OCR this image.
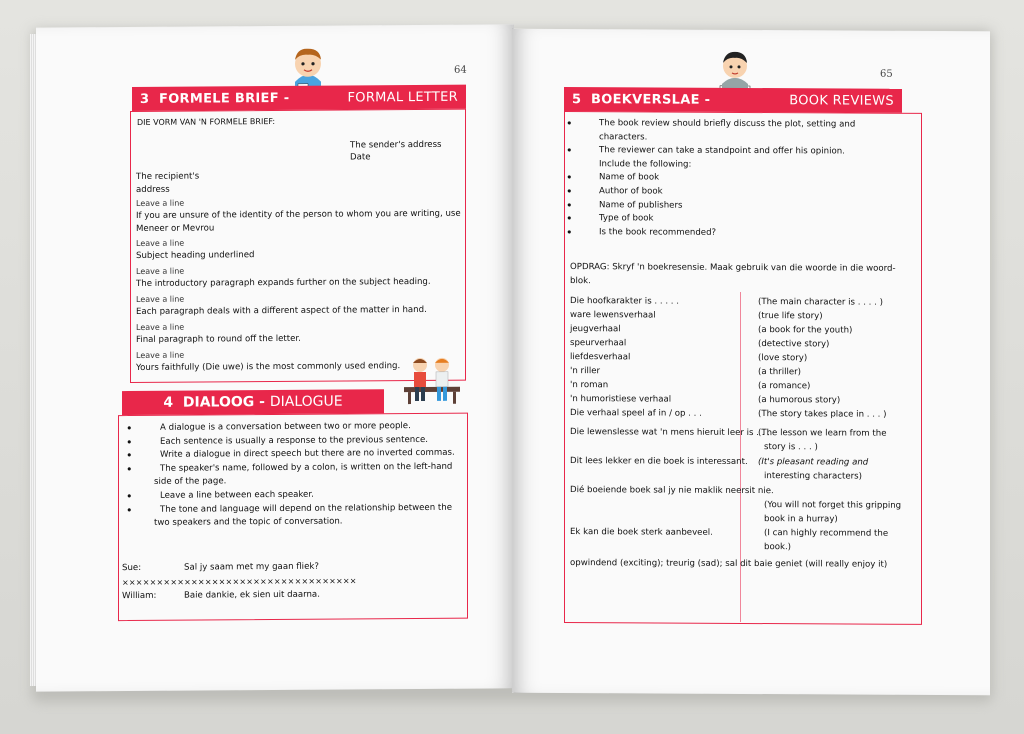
64
3 FORMELE BRIEF -	FORMAL LETTER
DIE VORM VAN 'N FORMELE BRIEF:
The sender's address
Date
The recipient's
address
Leave a line
If you are unsure of the identity of the person to whom you are writing, use
Meneer or Mevrou
Leave a line
Subject heading underlined
Leave a line
The introductory paragraph expands further on the subject heading.
Leave a line
Each paragraph deals with a different aspect of the matter in hand.
Leave a line
Final paragraph to round off the letter.
Leave a line
Yours faithfully (Die uwe) is the most commonly used ending.
4 DIALOOG - DIALOGUE
• A dialogue is a conversation between two or more people.
• Each sentence is usually a response to the previous sentence.
• Write a dialogue in direct speech but there are no inverted commas.
• The speaker's name, followed by a colon, is written on the left-hand
side of the page.
• Leave a line between each speaker.
• The tone and language will depend on the relationship between the
two speakers and the topic of conversation.
Sue:	Sal jy saam met my gaan fliek?
××××××××××××××××××××××××××××××××××
William:	Baie dankie, ek sien uit daarna.
65
5 BOEKVERSLAE -	BOOK REVIEWS
• The book review should briefly discuss the plot, setting and
characters.
• The reviewer can take a standpoint and offer his opinion.
Include the following:
• Name of book
• Author of book
• Name of publishers
• Type of book
• Is the book recommended?
OPDRAG: Skryf 'n boekresensie. Maak gebruik van die woorde in die woord-
blok.
Die hoofkarakter is . . . . .	(The main character is . . . . )
ware lewensverhaal	(true life story)
jeugverhaal	(a book for the youth)
speurverhaal	(detective story)
liefdesverhaal	(love story)
'n riller	(a thriller)
'n roman	(a romance)
'n humoristiese verhaal	(a humorous story)
Die verhaal speel af in / op . . .	(The story takes place in . . . )
Die lewenslesse wat 'n mens hieruit leer is . . .
(The lesson we learn from the
story is . . . )
Dit lees lekker en die boek is interessant. (It's pleasant reading and
interesting characters)
Dié boeiende boek sal jy nie maklik neersit nie.
(You will not forget this gripping
book in a hurray)
Ek kan die boek sterk aanbeveel.	(I can highly recommend the
book.)
opwindend (exciting); treurig (sad); sal dit baie geniet (will really enjoy it)
